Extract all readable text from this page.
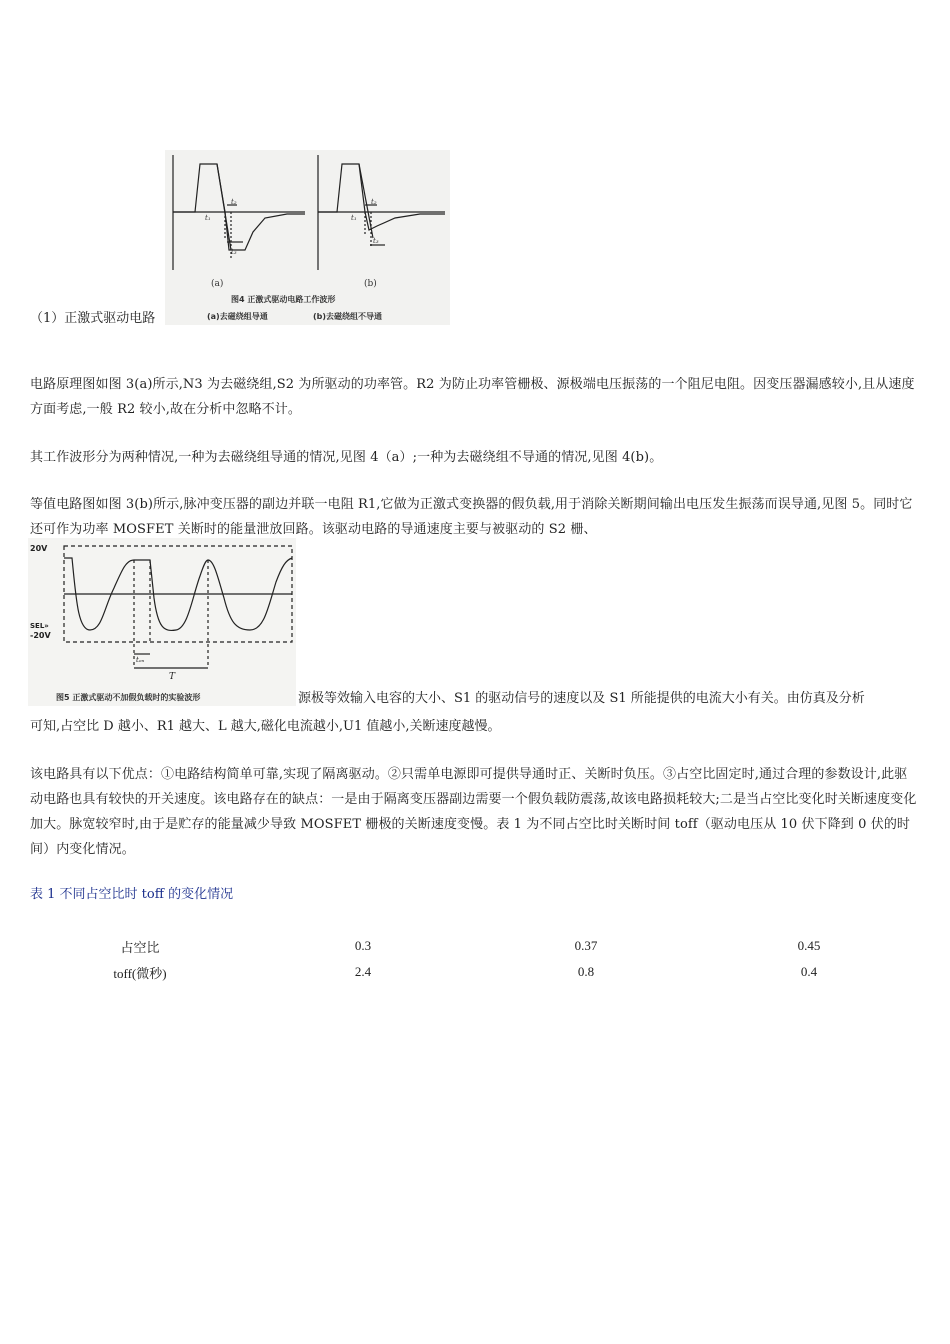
t₁
t₂
t₃
t₁
t₂
t₃
(a)	(b)
图4 正激式驱动电路工作波形
(a)去磁绕组导通	(b)去磁绕组不导通
（1）正激式驱动电路
电路原理图如图 3(a)所示,N3 为去磁绕组,S2 为所驱动的功率管。R2 为防止功率管栅极、源极端电压振荡的一个阻尼电阻。因变压器漏感较小,且从速度方面考虑,一般 R2 较小,故在分析中忽略不计。
其工作波形分为两种情况,一种为去磁绕组导通的情况,见图 4（a）;一种为去磁绕组不导通的情况,见图 4(b)。
等值电路图如图 3(b)所示,脉冲变压器的副边并联一电阻 R1,它做为正激式变换器的假负载,用于消除关断期间输出电压发生振荡而误导通,见图 5。同时它还可作为功率 MOSFET 关断时的能量泄放回路。该驱动电路的导通速度主要与被驱动的 S2 栅、
20V
SEL»
-20V
tₒₙ
T
图5 正激式驱动不加假负载时的实验波形	源极等效输入电容的大小、S1 的驱动信号的速度以及 S1 所能提供的电流大小有关。由仿真及分析
可知,占空比 D 越小、R1 越大、L 越大,磁化电流越小,U1 值越小,关断速度越慢。
该电路具有以下优点：①电路结构简单可靠,实现了隔离驱动。②只需单电源即可提供导通时正、关断时负压。③占空比固定时,通过合理的参数设计,此驱动电路也具有较快的开关速度。该电路存在的缺点：一是由于隔离变压器副边需要一个假负载防震荡,故该电路损耗较大;二是当占空比变化时关断速度变化加大。脉宽较窄时,由于是贮存的能量减少导致 MOSFET 栅极的关断速度变慢。表 1 为不同占空比时关断时间 toff（驱动电压从 10 伏下降到 0 伏的时间）内变化情况。
表 1 不同占空比时 toff 的变化情况
占空比	0.3	0.37	0.45
toff(微秒)	2.4	0.8	0.4
